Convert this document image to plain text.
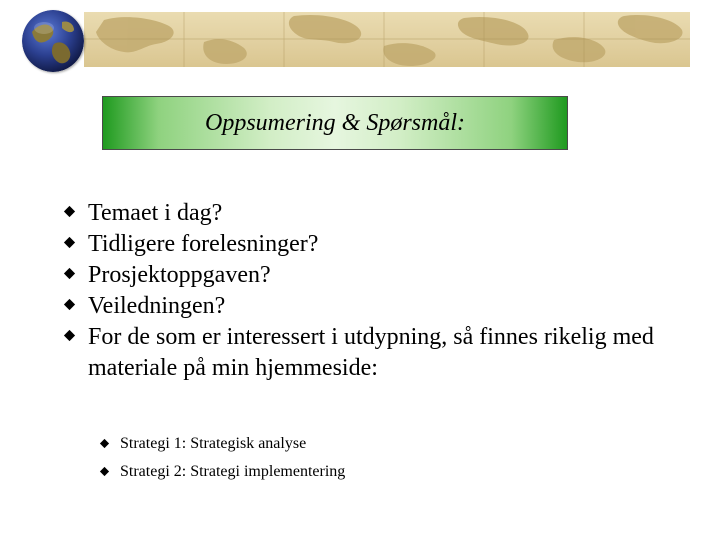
Oppsumering & Spørsmål:
Temaet i dag?
Tidligere forelesninger?
Prosjektoppgaven?
Veiledningen?
For de som er interessert i utdypning, så finnes rikelig med materiale på min hjemmeside:
Strategi 1: Strategisk analyse
Strategi 2: Strategi implementering
